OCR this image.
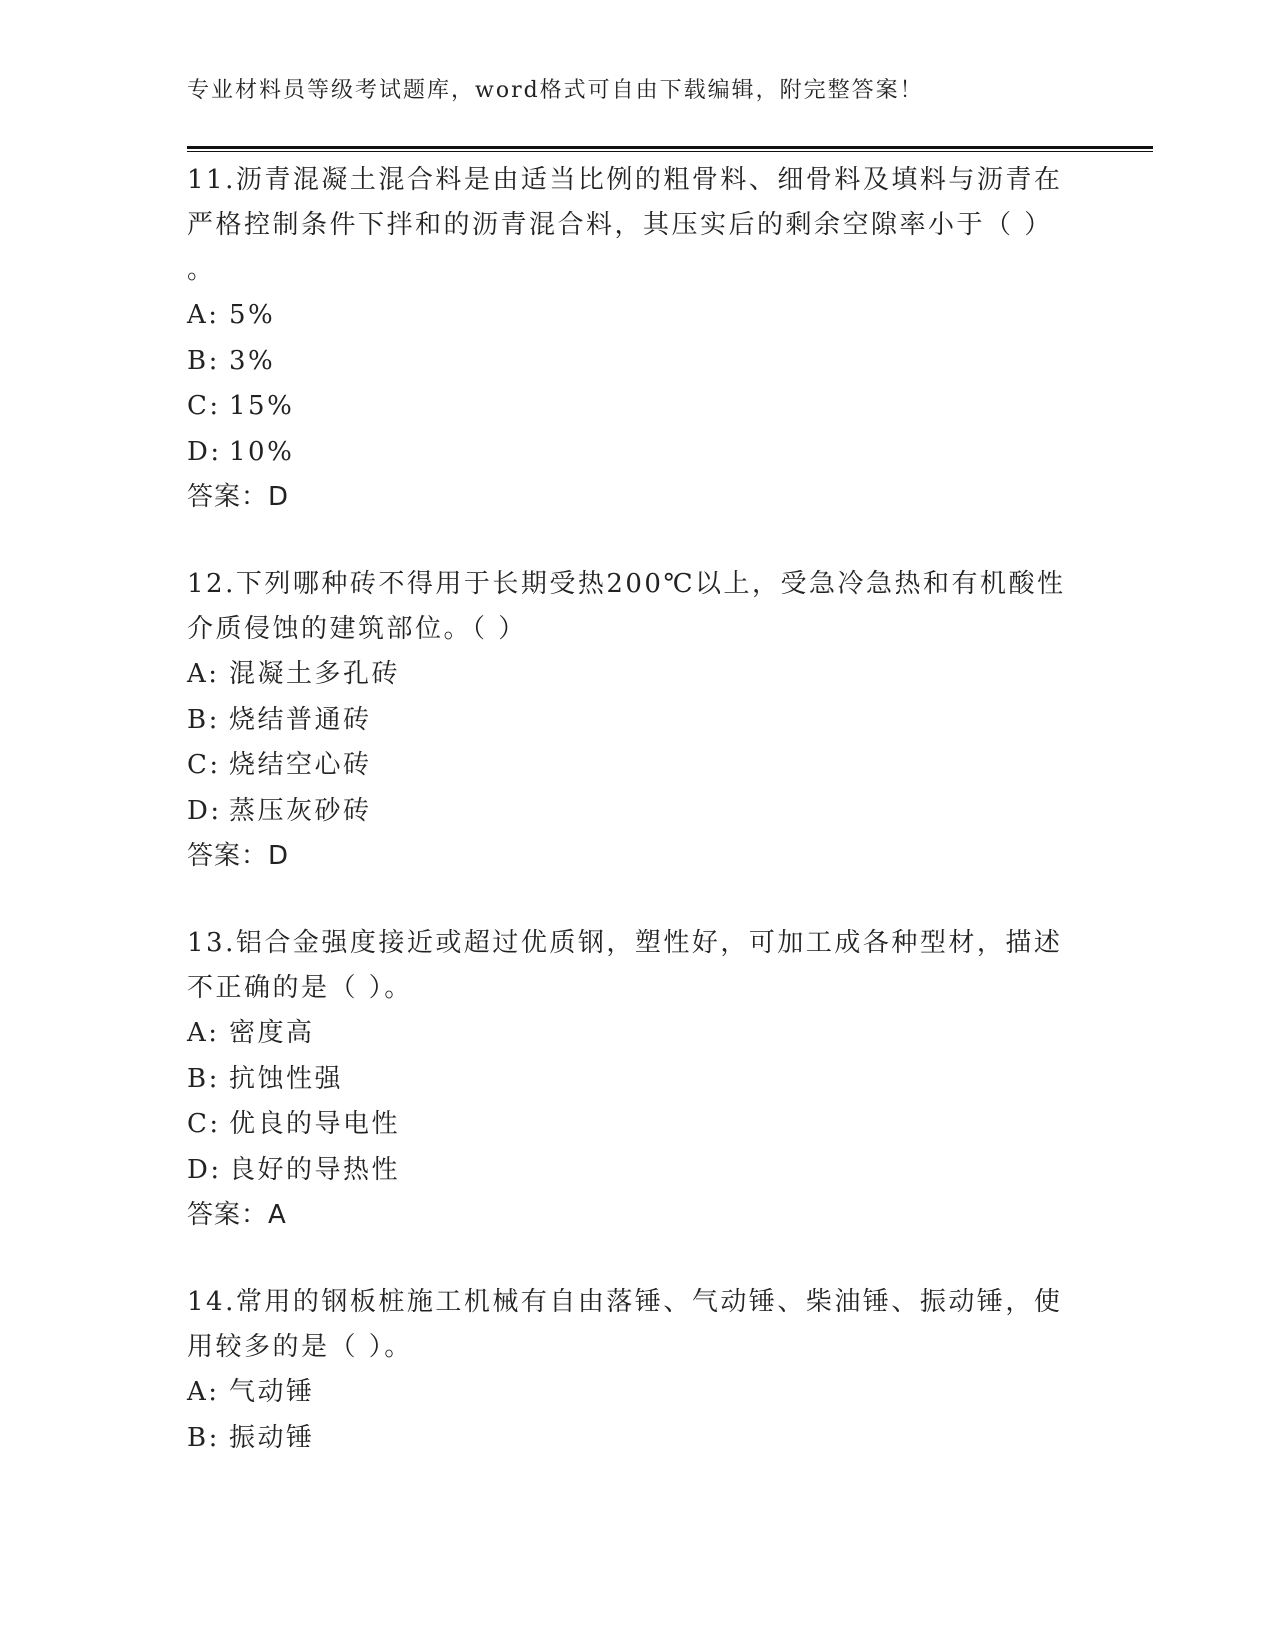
专业材料员等级考试题库，word格式可自由下载编辑，附完整答案！
11.沥青混凝土混合料是由适当比例的粗骨料、细骨料及填料与沥青在
严格控制条件下拌和的沥青混合料，其压实后的剩余空隙率小于（ ）
。
A: 5%
B: 3%
C: 15%
D: 10%
答案：D
12.下列哪种砖不得用于长期受热200℃以上，受急冷急热和有机酸性
介质侵蚀的建筑部位。（ ）
A: 混凝土多孔砖
B: 烧结普通砖
C: 烧结空心砖
D: 蒸压灰砂砖
答案：D
13.铝合金强度接近或超过优质钢，塑性好，可加工成各种型材，描述
不正确的是（ ）。
A: 密度高
B: 抗蚀性强
C: 优良的导电性
D: 良好的导热性
答案：A
14.常用的钢板桩施工机械有自由落锤、气动锤、柴油锤、振动锤，使
用较多的是（ ）。
A: 气动锤
B: 振动锤
